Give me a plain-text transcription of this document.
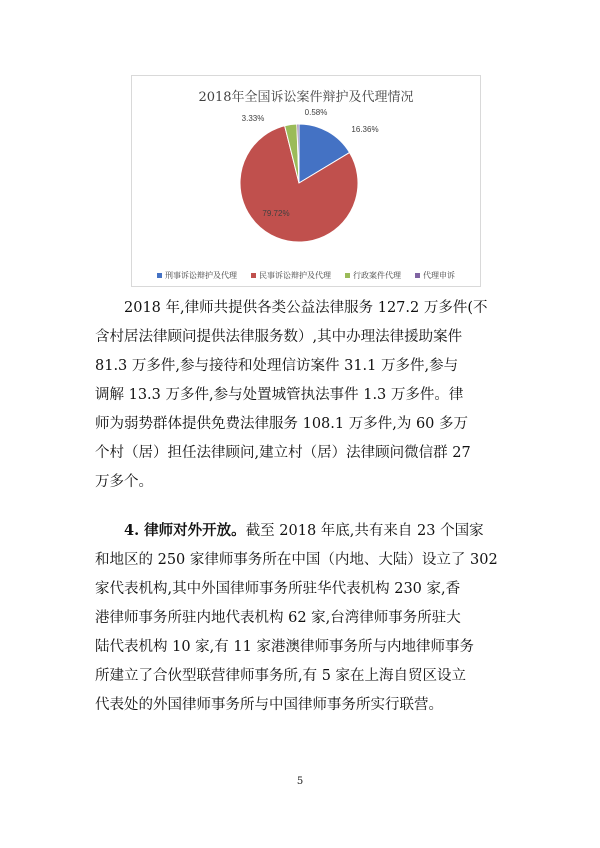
2018年全国诉讼案件辩护及代理情况
16.36%
79.72%
3.33%
0.58%
刑事诉讼辩护及代理	民事诉讼辩护及代理	行政案件代理	代理申诉
2018 年,律师共提供各类公益法律服务 127.2 万多件(不
含村居法律顾问提供法律服务数）,其中办理法律援助案件
81.3 万多件,参与接待和处理信访案件 31.1 万多件,参与
调解 13.3 万多件,参与处置城管执法事件 1.3 万多件。律
师为弱势群体提供免费法律服务 108.1 万多件,为 60 多万
个村（居）担任法律顾问,建立村（居）法律顾问微信群 27
万多个。
4. 律师对外开放。截至 2018 年底,共有来自 23 个国家
和地区的 250 家律师事务所在中国（内地、大陆）设立了 302
家代表机构,其中外国律师事务所驻华代表机构 230 家,香
港律师事务所驻内地代表机构 62 家,台湾律师事务所驻大
陆代表机构 10 家,有 11 家港澳律师事务所与内地律师事务
所建立了合伙型联营律师事务所,有 5 家在上海自贸区设立
代表处的外国律师事务所与中国律师事务所实行联营。
5
